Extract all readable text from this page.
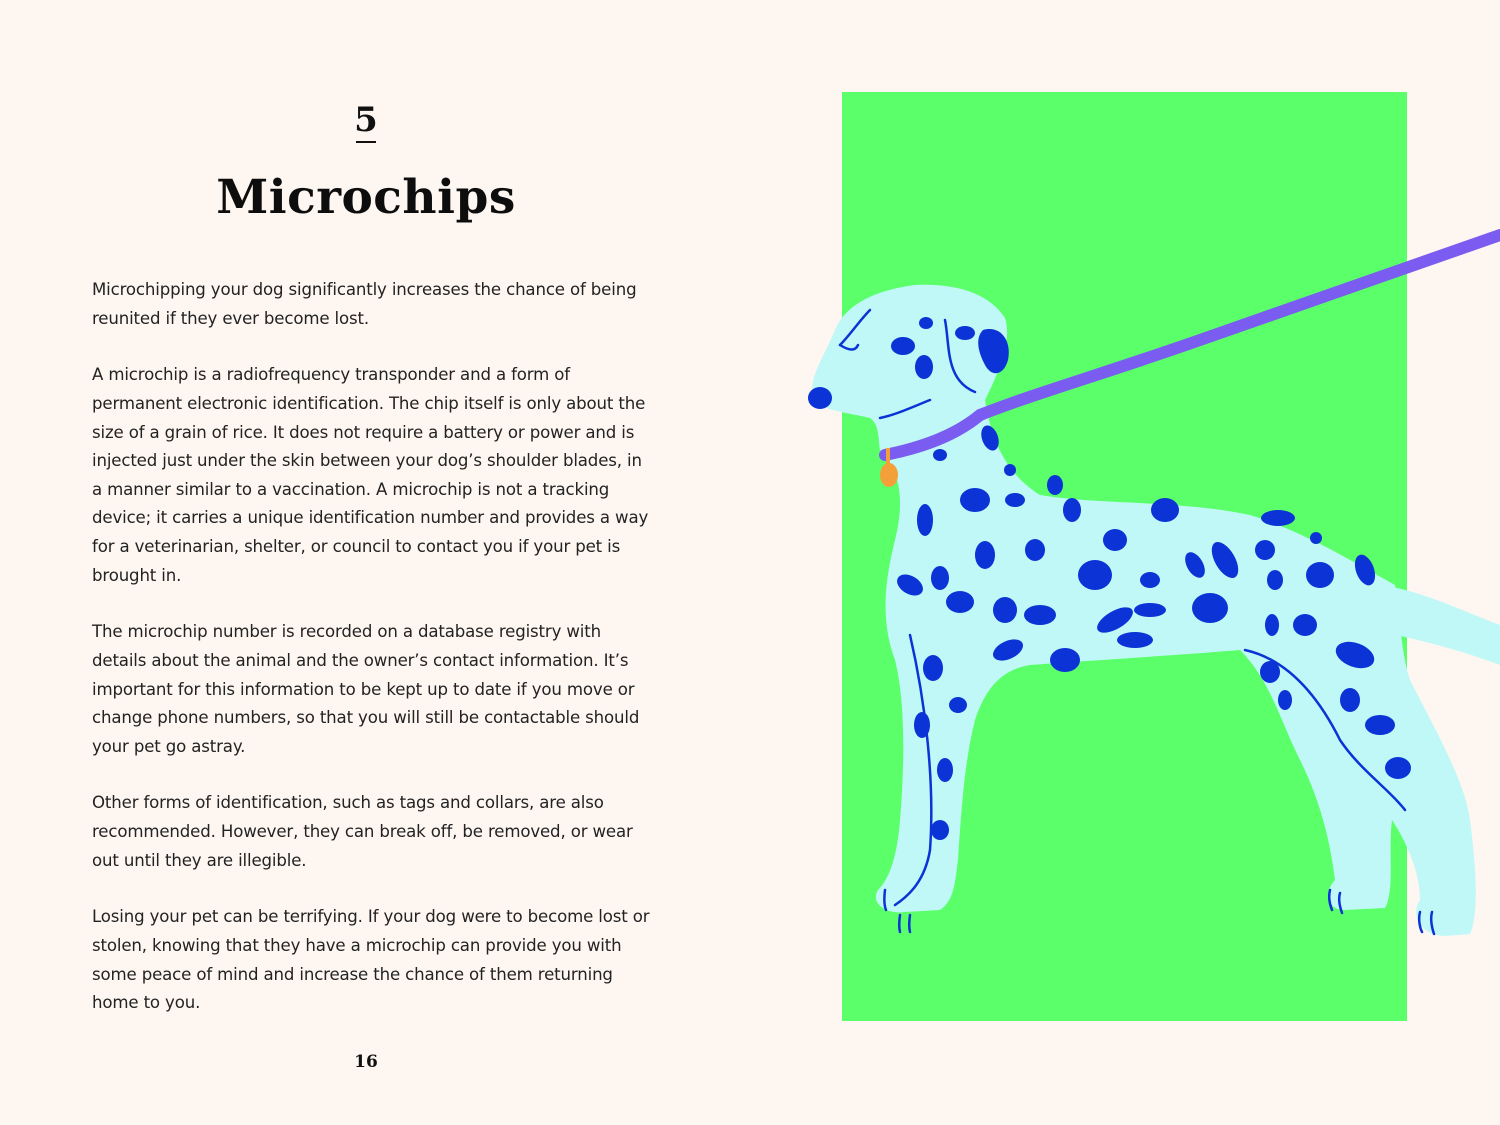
5
Microchips

Microchipping your dog significantly increases the chance of being reunited if they ever become lost.

A microchip is a radiofrequency transponder and a form of permanent electronic identification. The chip itself is only about the size of a grain of rice. It does not require a battery or power and is injected just under the skin between your dog’s shoulder blades, in a manner similar to a vaccination. A microchip is not a tracking device; it carries a unique identification number and provides a way for a veterinarian, shelter, or council to contact you if your pet is brought in.

The microchip number is recorded on a database registry with details about the animal and the owner’s contact information. It’s important for this information to be kept up to date if you move or change phone numbers, so that you will still be contactable should your pet go astray.

Other forms of identification, such as tags and collars, are also recommended. However, they can break off, be removed, or wear out until they are illegible.

Losing your pet can be terrifying. If your dog were to become lost or stolen, knowing that they have a microchip can provide you with some peace of mind and increase the chance of them returning home to you.

16
